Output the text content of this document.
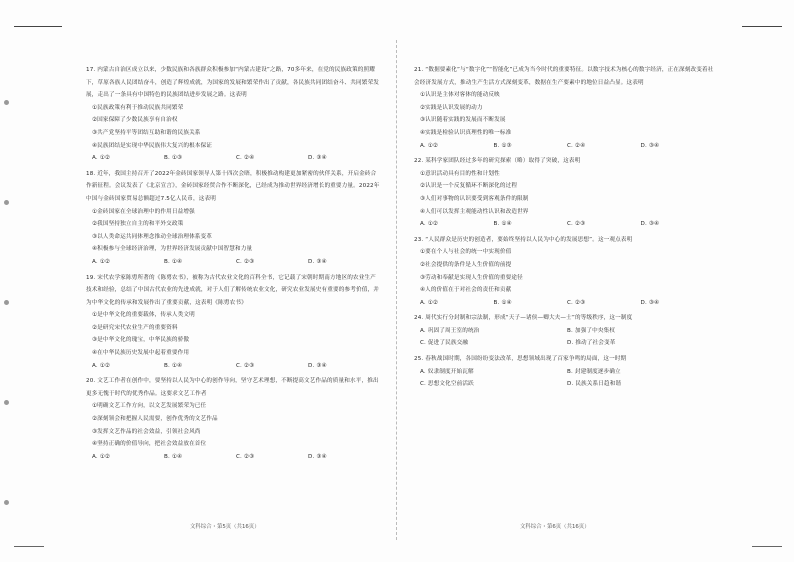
17. 内蒙古自治区成立以来，少数民族和各族群众积极参加“内蒙古建设”之路，70多年来，在党的民族政策的照耀下，草原各族人民团结奋斗，创造了辉煌成就，为国家的发展和繁荣作出了贡献，各民族共同团结奋斗、共同繁荣发展，走出了一条具有中国特色的民族团结进步发展之路。这表明
①民族政策有利于推动民族共同繁荣
②国家保障了少数民族享有自治权
③共产党坚持平等团结互助和谐的民族关系
④民族团结是实现中华民族伟大复兴的根本保证
A. ①②	B. ①③	C. ②④	D. ③④
18. 近年，我国主持召开了2022年金砖国家领导人第十四次会晤，积极推动构建更加紧密的伙伴关系，开启金砖合作新征程。会议发表了《北京宣言》，金砖国家经贸合作不断深化，已经成为推动世界经济增长的重要力量。2022年中国与金砖国家贸易总额超过7.5亿人民币，这表明
①金砖国家在全球治理中的作用日益增强
②我国坚持独立自主的和平外交政策
③以人类命运共同体理念推动全球治理体系变革
④积极参与全球经济治理，为世界经济发展贡献中国智慧和力量
A. ①②	B. ①④	C. ②③	D. ③④
19. 宋代农学家陈旉所著的《陈旉农书》，被称为古代农业文化的百科全书，它记载了宋朝时期南方地区的农业生产技术和经验，总结了中国古代农业的先进成就，对于人们了解传统农业文化，研究农业发展史有重要的参考价值，并为中华文化的传承和发展作出了重要贡献，这表明《陈旉农书》
①是中华文化的重要载体，传承人类文明
②是研究宋代农业生产的重要资料
③是中华文化的瑰宝，中华民族的骄傲
④在中华民族历史发展中起着重要作用
A. ①②	B. ①④	C. ②③	D. ③④
20. 文艺工作者在创作中，要坚持以人民为中心的创作导向，坚守艺术理想，不断提高文艺作品的质量和水平，推出更多无愧于时代的优秀作品。这要求文艺工作者
①明确文艺工作方向，以文艺发展繁荣为已任
②深刻领会和把握人民需要，创作优秀的文艺作品
③发挥文艺作品的社会效益，引领社会风尚
④坚持正确的价值导向，把社会效益放在首位
A. ①②	B. ①④	C. ②③	D. ③④
21. “数据要素化”与“数字化”“智能化”已成为当今时代的重要特征。以数字技术为核心的数字经济，正在深刻改变着社会经济发展方式，推动生产生活方式深刻变革，数据在生产要素中的地位日益凸显。这表明
①认识是主体对客体的能动反映
②实践是认识发展的动力
③认识随着实践的发展而不断发展
④实践是检验认识真理性的唯一标准
A. ①②	B. ①③	C. ②④	D. ③④
22. 某科学家团队经过多年的研究探索（略）取得了突破，这表明
①意识活动具有目的性和计划性
②认识是一个反复循环不断深化的过程
③人们对事物的认识要受到客观条件的限制
④人们可以发挥主观能动性认识和改造世界
A. ①②	B. ①④	C. ②③	D. ③④
23. “人民群众是历史的创造者，要始终坚持以人民为中心的发展思想”。这一观点表明
①要在个人与社会的统一中实现价值
②社会提供的条件是人生价值的前提
③劳动和奉献是实现人生价值的重要途径
④人的价值在于对社会的责任和贡献
A. ①②	B. ①④	C. ②③	D. ③④
24. 周代实行分封制和宗法制，形成“天子—诸侯—卿大夫—士”的等级秩序，这一制度
A. 巩固了周王室的统治	B. 加强了中央集权
C. 促进了民族交融	D. 推动了社会变革
25. 春秋战国时期，各国纷纷变法改革，思想领域出现了百家争鸣的局面，这一时期
A. 奴隶制度开始瓦解	B. 封建制度逐步确立
C. 思想文化空前活跃	D. 民族关系日趋和谐
文科综合・第5页（共16页）	文科综合・第6页（共16页）
